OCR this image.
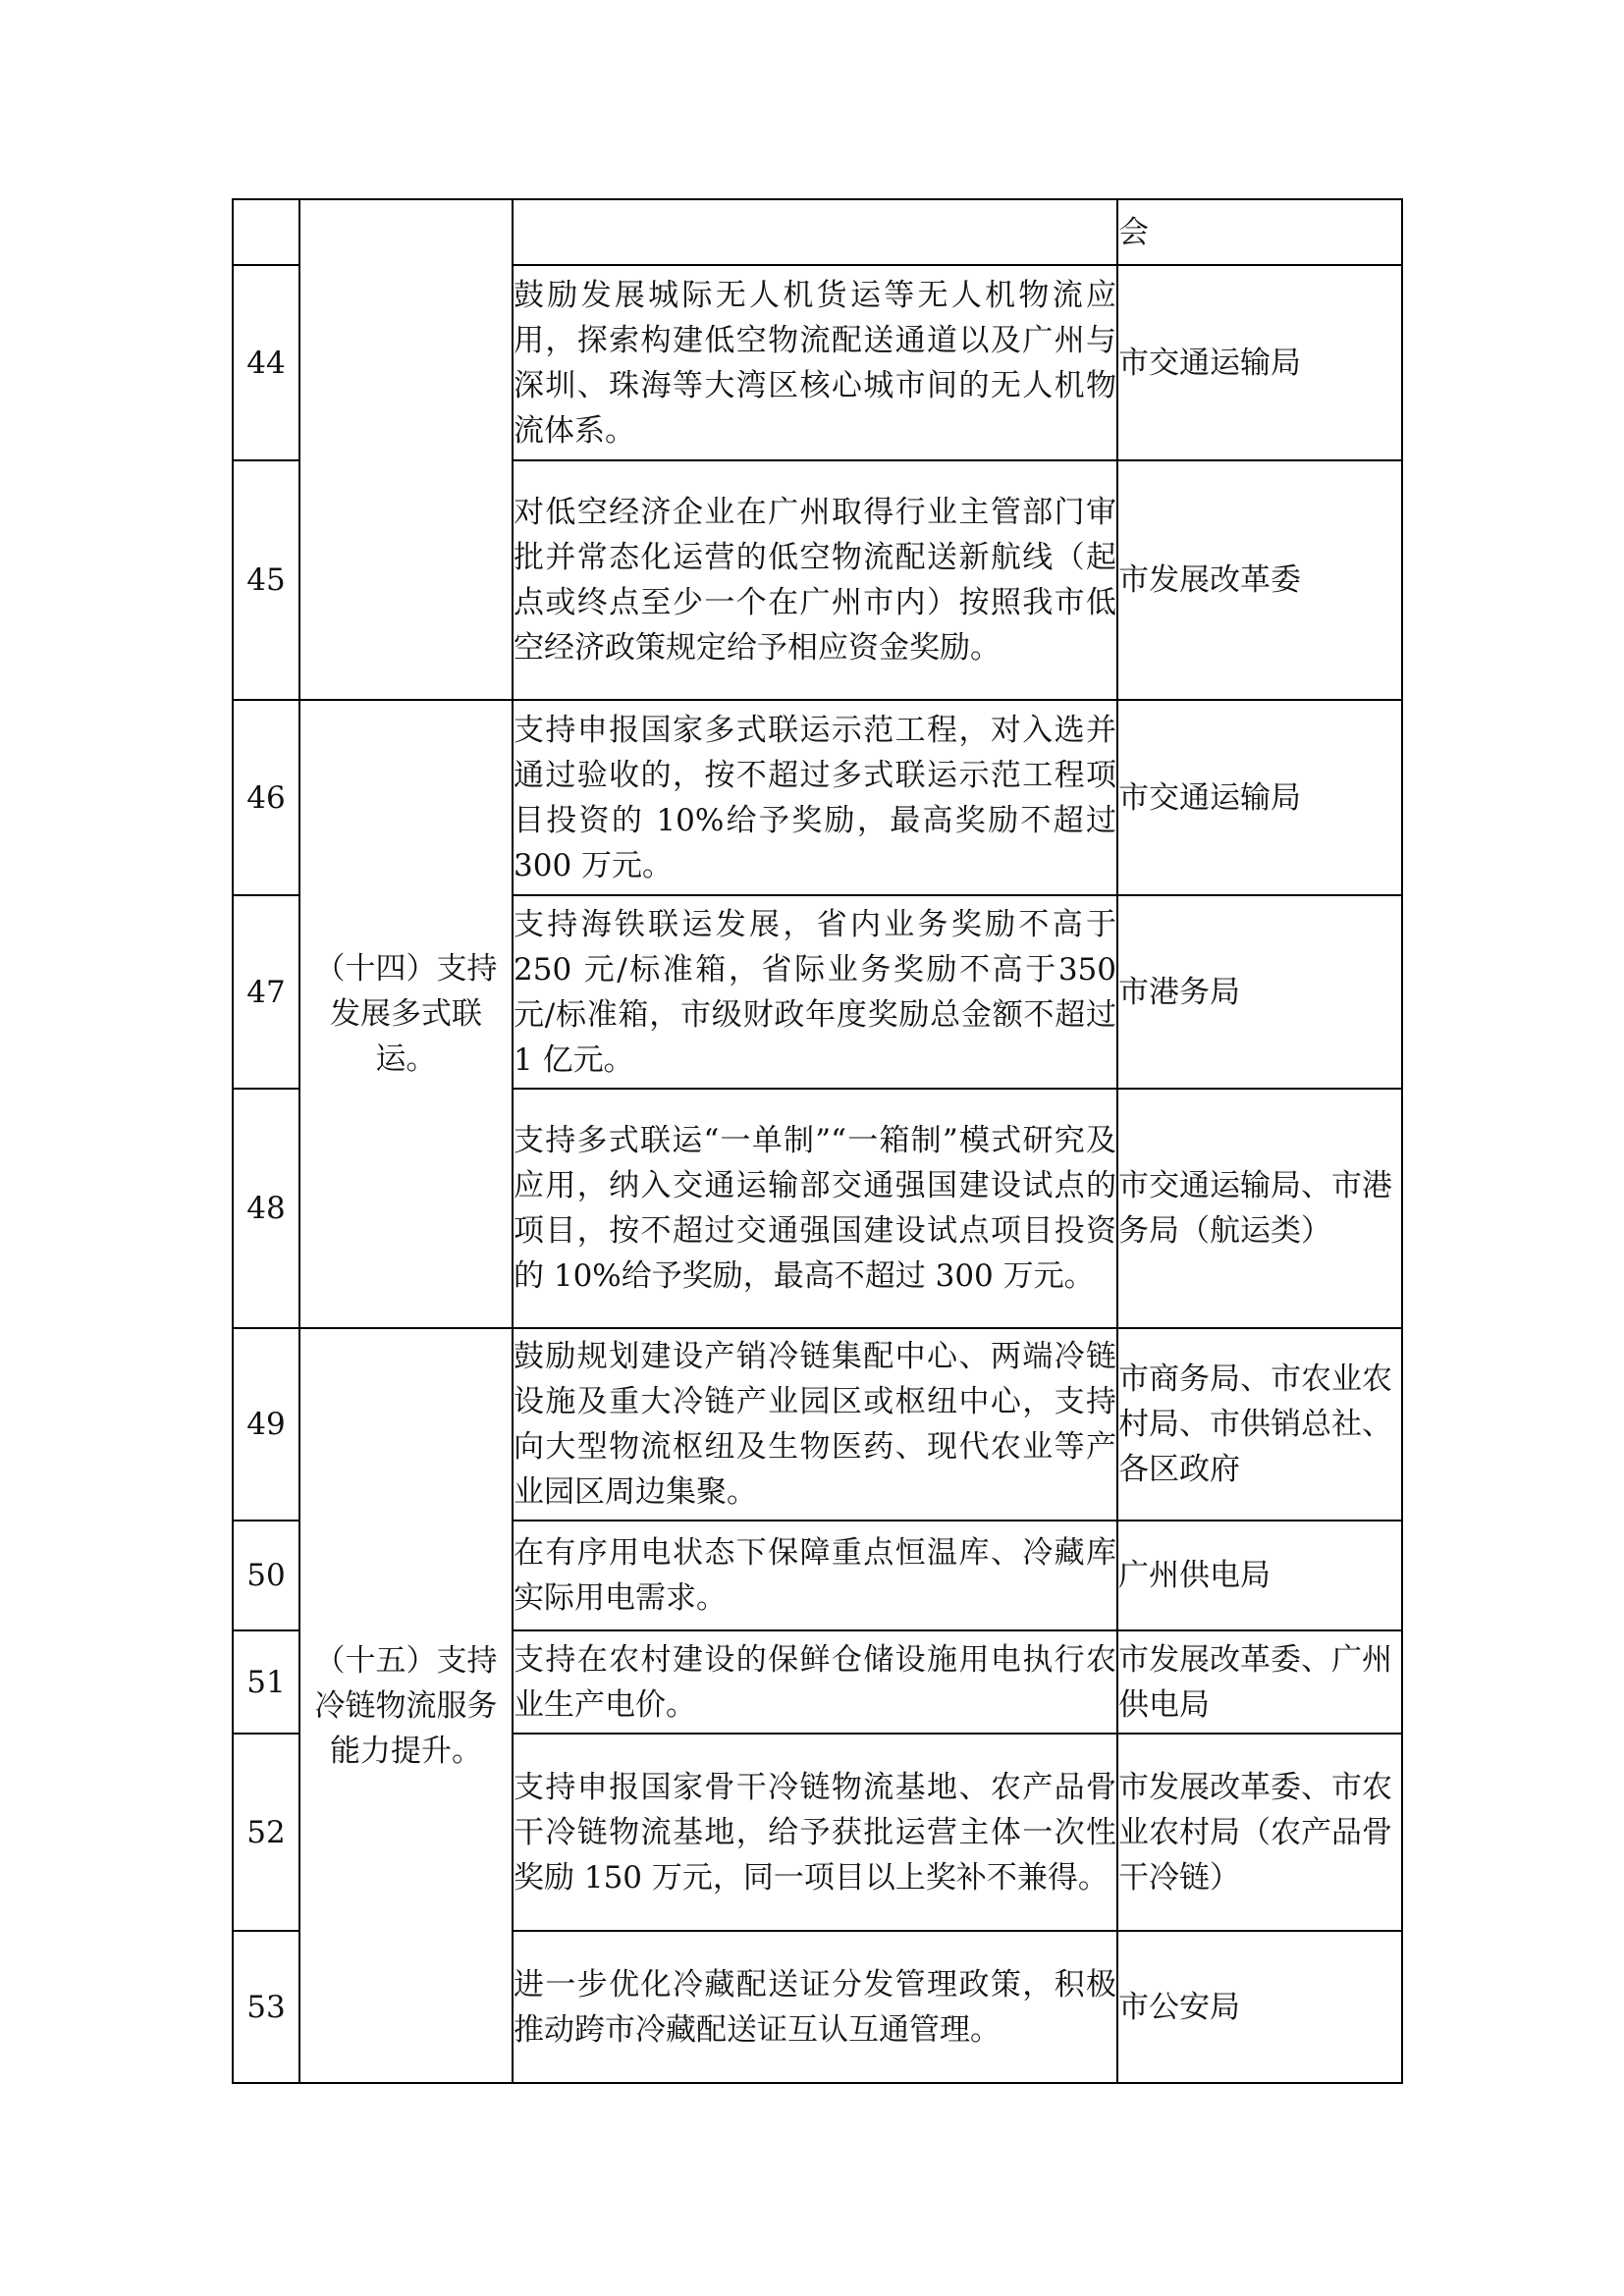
			会
44		鼓励发展城际无人机货运等无人机物流应用，探索构建低空物流配送通道以及广州与深圳、珠海等大湾区核心城市间的无人机物流体系。	市交通运输局
45		对低空经济企业在广州取得行业主管部门审批并常态化运营的低空物流配送新航线（起点或终点至少一个在广州市内）按照我市低空经济政策规定给予相应资金奖励。	市发展改革委
46	（十四）支持发展多式联运。	支持申报国家多式联运示范工程，对入选并通过验收的，按不超过多式联运示范工程项目投资的 10%给予奖励，最高奖励不超过 300 万元。	市交通运输局
47		支持海铁联运发展，省内业务奖励不高于 250 元/标准箱，省际业务奖励不高于350 元/标准箱，市级财政年度奖励总金额不超过 1 亿元。	市港务局
48		支持多式联运“一单制”“一箱制”模式研究及应用，纳入交通运输部交通强国建设试点的项目，按不超过交通强国建设试点项目投资的 10%给予奖励，最高不超过 300 万元。	市交通运输局、市港务局（航运类）
49	（十五）支持冷链物流服务能力提升。	鼓励规划建设产销冷链集配中心、两端冷链设施及重大冷链产业园区或枢纽中心，支持向大型物流枢纽及生物医药、现代农业等产业园区周边集聚。	市商务局、市农业农村局、市供销总社、各区政府
50		在有序用电状态下保障重点恒温库、冷藏库实际用电需求。	广州供电局
51		支持在农村建设的保鲜仓储设施用电执行农业生产电价。	市发展改革委、广州供电局
52		支持申报国家骨干冷链物流基地、农产品骨干冷链物流基地，给予获批运营主体一次性奖励 150 万元，同一项目以上奖补不兼得。	市发展改革委、市农业农村局（农产品骨干冷链）
53		进一步优化冷藏配送证分发管理政策，积极推动跨市冷藏配送证互认互通管理。	市公安局
